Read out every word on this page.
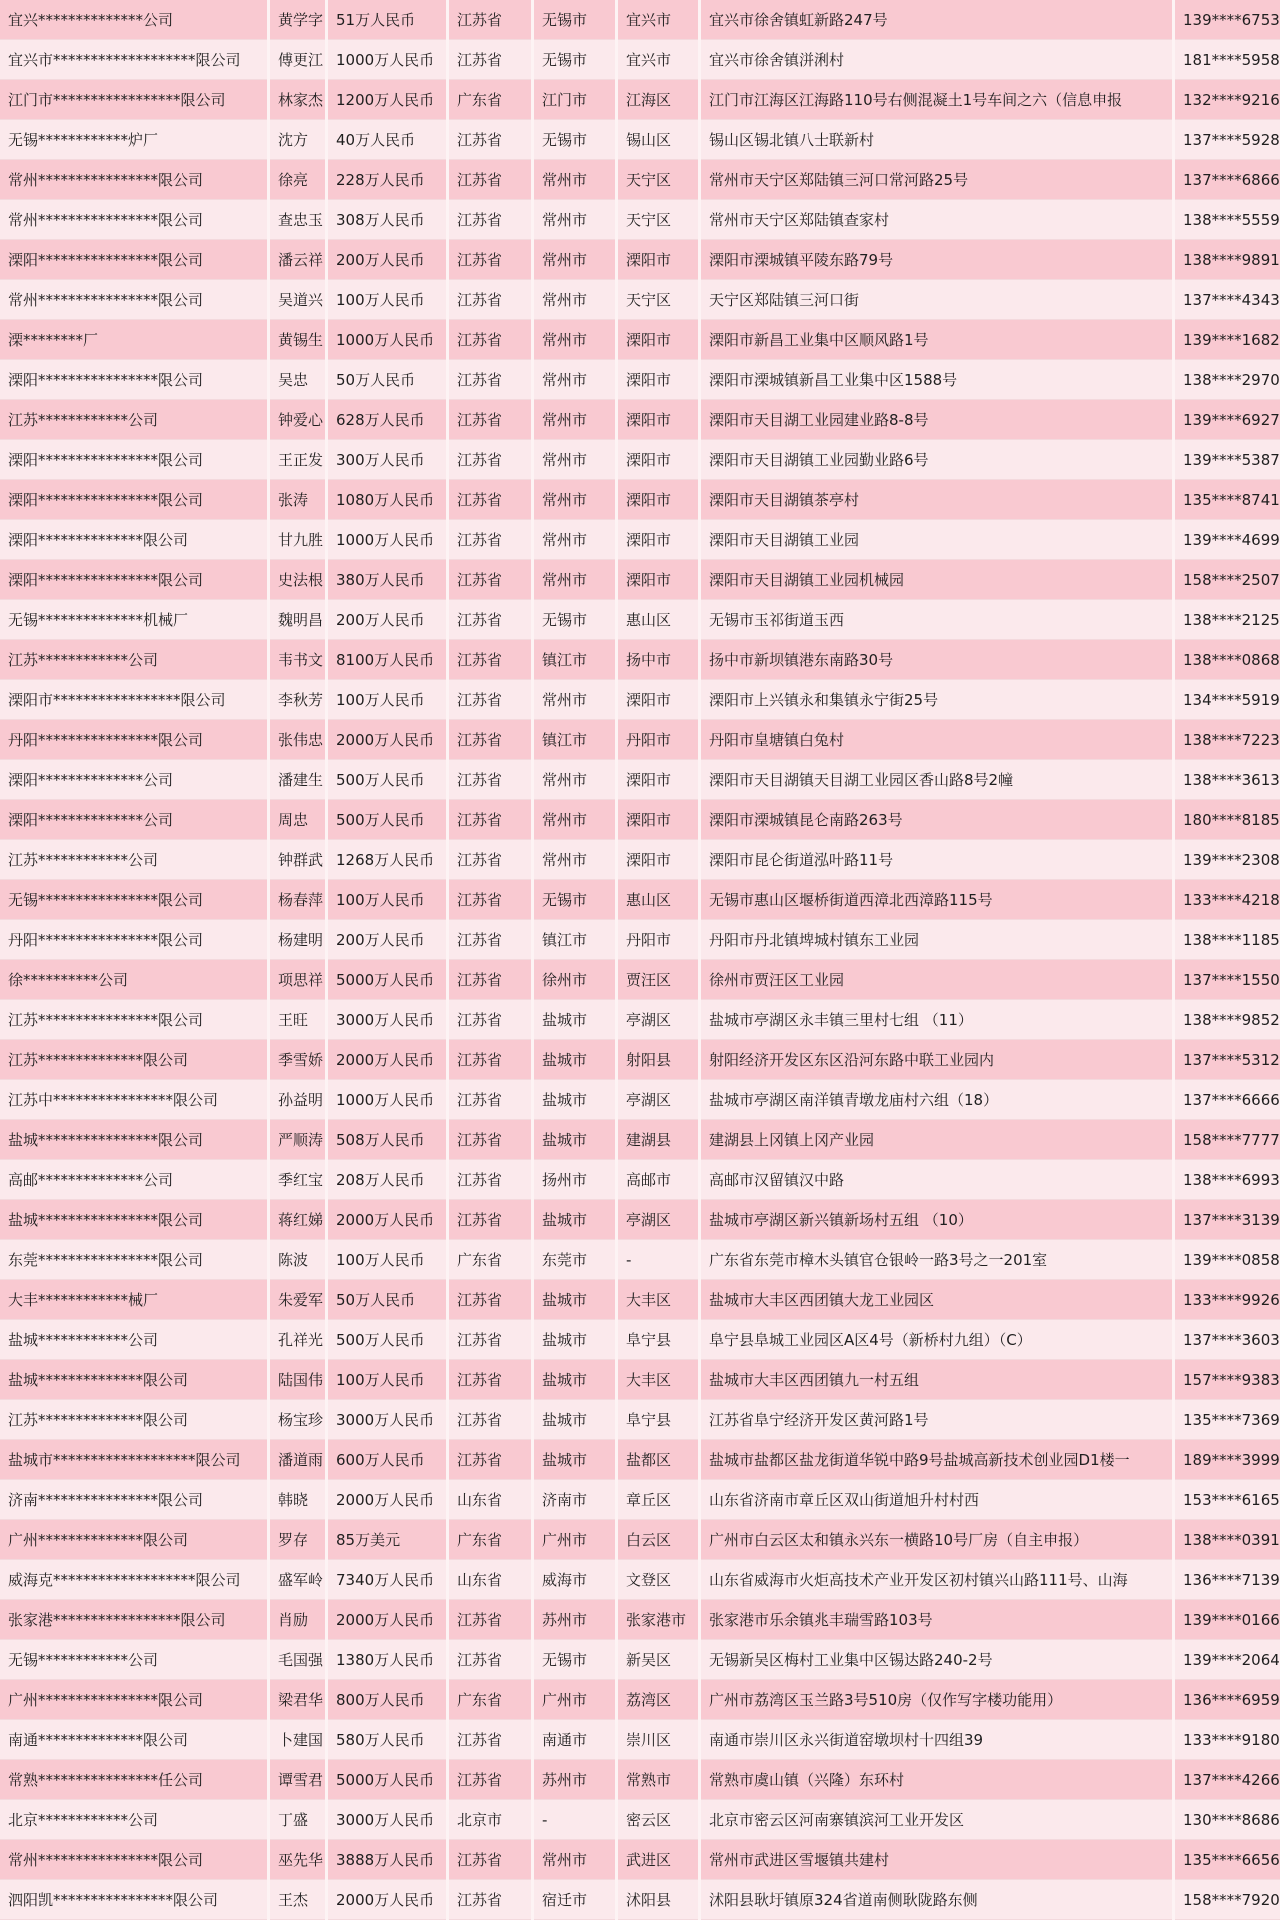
宜兴**************公司	黄学字	51万人民币	江苏省	无锡市	宜兴市	宜兴市徐舍镇虹新路247号	139****6753
宜兴市*******************限公司	傅更江	1000万人民币	江苏省	无锡市	宜兴市	宜兴市徐舍镇洴浰村	181****5958
江门市*****************限公司	林家杰	1200万人民币	广东省	江门市	江海区	江门市江海区江海路110号右侧混凝土1号车间之六（信息申报	132****9216
无锡************炉厂	沈方	40万人民币	江苏省	无锡市	锡山区	锡山区锡北镇八士联新村	137****5928
常州****************限公司	徐亮	228万人民币	江苏省	常州市	天宁区	常州市天宁区郑陆镇三河口常河路25号	137****6866
常州****************限公司	查忠玉	308万人民币	江苏省	常州市	天宁区	常州市天宁区郑陆镇查家村	138****5559
溧阳****************限公司	潘云祥	200万人民币	江苏省	常州市	溧阳市	溧阳市溧城镇平陵东路79号	138****9891
常州****************限公司	吴道兴	100万人民币	江苏省	常州市	天宁区	天宁区郑陆镇三河口街	137****4343
溧********厂	黄锡生	1000万人民币	江苏省	常州市	溧阳市	溧阳市新昌工业集中区顺风路1号	139****1682
溧阳****************限公司	吴忠	50万人民币	江苏省	常州市	溧阳市	溧阳市溧城镇新昌工业集中区1588号	138****2970
江苏************公司	钟爱心	628万人民币	江苏省	常州市	溧阳市	溧阳市天目湖工业园建业路8-8号	139****6927
溧阳****************限公司	王正发	300万人民币	江苏省	常州市	溧阳市	溧阳市天目湖镇工业园勤业路6号	139****5387
溧阳****************限公司	张涛	1080万人民币	江苏省	常州市	溧阳市	溧阳市天目湖镇茶亭村	135****8741
溧阳**************限公司	甘九胜	1000万人民币	江苏省	常州市	溧阳市	溧阳市天目湖镇工业园	139****4699
溧阳****************限公司	史法根	380万人民币	江苏省	常州市	溧阳市	溧阳市天目湖镇工业园机械园	158****2507
无锡**************机械厂	魏明昌	200万人民币	江苏省	无锡市	惠山区	无锡市玉祁街道玉西	138****2125
江苏************公司	韦书文	8100万人民币	江苏省	镇江市	扬中市	扬中市新坝镇港东南路30号	138****0868
溧阳市*****************限公司	李秋芳	100万人民币	江苏省	常州市	溧阳市	溧阳市上兴镇永和集镇永宁街25号	134****5919
丹阳****************限公司	张伟忠	2000万人民币	江苏省	镇江市	丹阳市	丹阳市皇塘镇白兔村	138****7223
溧阳**************公司	潘建生	500万人民币	江苏省	常州市	溧阳市	溧阳市天目湖镇天目湖工业园区香山路8号2幢	138****3613
溧阳**************公司	周忠	500万人民币	江苏省	常州市	溧阳市	溧阳市溧城镇昆仑南路263号	180****8185
江苏************公司	钟群武	1268万人民币	江苏省	常州市	溧阳市	溧阳市昆仑街道泓叶路11号	139****2308
无锡****************限公司	杨春萍	100万人民币	江苏省	无锡市	惠山区	无锡市惠山区堰桥街道西漳北西漳路115号	133****4218
丹阳****************限公司	杨建明	200万人民币	江苏省	镇江市	丹阳市	丹阳市丹北镇埤城村镇东工业园	138****1185
徐**********公司	项思祥	5000万人民币	江苏省	徐州市	贾汪区	徐州市贾汪区工业园	137****1550
江苏****************限公司	王旺	3000万人民币	江苏省	盐城市	亭湖区	盐城市亭湖区永丰镇三里村七组 （11）	138****9852
江苏**************限公司	季雪娇	2000万人民币	江苏省	盐城市	射阳县	射阳经济开发区东区沿河东路中联工业园内	137****5312
江苏中****************限公司	孙益明	1000万人民币	江苏省	盐城市	亭湖区	盐城市亭湖区南洋镇青墩龙庙村六组（18）	137****6666
盐城****************限公司	严顺涛	508万人民币	江苏省	盐城市	建湖县	建湖县上冈镇上冈产业园	158****7777
高邮**************公司	季红宝	208万人民币	江苏省	扬州市	高邮市	高邮市汉留镇汉中路	138****6993
盐城****************限公司	蒋红娣	2000万人民币	江苏省	盐城市	亭湖区	盐城市亭湖区新兴镇新场村五组 （10）	137****3139
东莞****************限公司	陈波	100万人民币	广东省	东莞市	-	广东省东莞市樟木头镇官仓银岭一路3号之一201室	139****0858
大丰************械厂	朱爱军	50万人民币	江苏省	盐城市	大丰区	盐城市大丰区西团镇大龙工业园区	133****9926
盐城************公司	孔祥光	500万人民币	江苏省	盐城市	阜宁县	阜宁县阜城工业园区A区4号（新桥村九组）（C）	137****3603
盐城**************限公司	陆国伟	100万人民币	江苏省	盐城市	大丰区	盐城市大丰区西团镇九一村五组	157****9383
江苏**************限公司	杨宝珍	3000万人民币	江苏省	盐城市	阜宁县	江苏省阜宁经济开发区黄河路1号	135****7369
盐城市*******************限公司	潘道雨	600万人民币	江苏省	盐城市	盐都区	盐城市盐都区盐龙街道华锐中路9号盐城高新技术创业园D1楼一	189****3999
济南****************限公司	韩晓	2000万人民币	山东省	济南市	章丘区	山东省济南市章丘区双山街道旭升村村西	153****6165
广州**************限公司	罗存	85万美元	广东省	广州市	白云区	广州市白云区太和镇永兴东一横路10号厂房（自主申报）	138****0391
威海克*******************限公司	盛军岭	7340万人民币	山东省	威海市	文登区	山东省威海市火炬高技术产业开发区初村镇兴山路111号、山海	136****7139
张家港*****************限公司	肖励	2000万人民币	江苏省	苏州市	张家港市	张家港市乐余镇兆丰瑞雪路103号	139****0166
无锡************公司	毛国强	1380万人民币	江苏省	无锡市	新吴区	无锡新吴区梅村工业集中区锡达路240-2号	139****2064
广州****************限公司	梁君华	800万人民币	广东省	广州市	荔湾区	广州市荔湾区玉兰路3号510房（仅作写字楼功能用）	136****6959
南通**************限公司	卜建国	580万人民币	江苏省	南通市	崇川区	南通市崇川区永兴街道窑墩坝村十四组39	133****9180
常熟****************任公司	谭雪君	5000万人民币	江苏省	苏州市	常熟市	常熟市虞山镇（兴隆）东环村	137****4266
北京************公司	丁盛	3000万人民币	北京市	-	密云区	北京市密云区河南寨镇滨河工业开发区	130****8686
常州****************限公司	巫先华	3888万人民币	江苏省	常州市	武进区	常州市武进区雪堰镇共建村	135****6656
泗阳凯****************限公司	王杰	2000万人民币	江苏省	宿迁市	沭阳县	沭阳县耿圩镇原324省道南侧耿陇路东侧	158****7920
